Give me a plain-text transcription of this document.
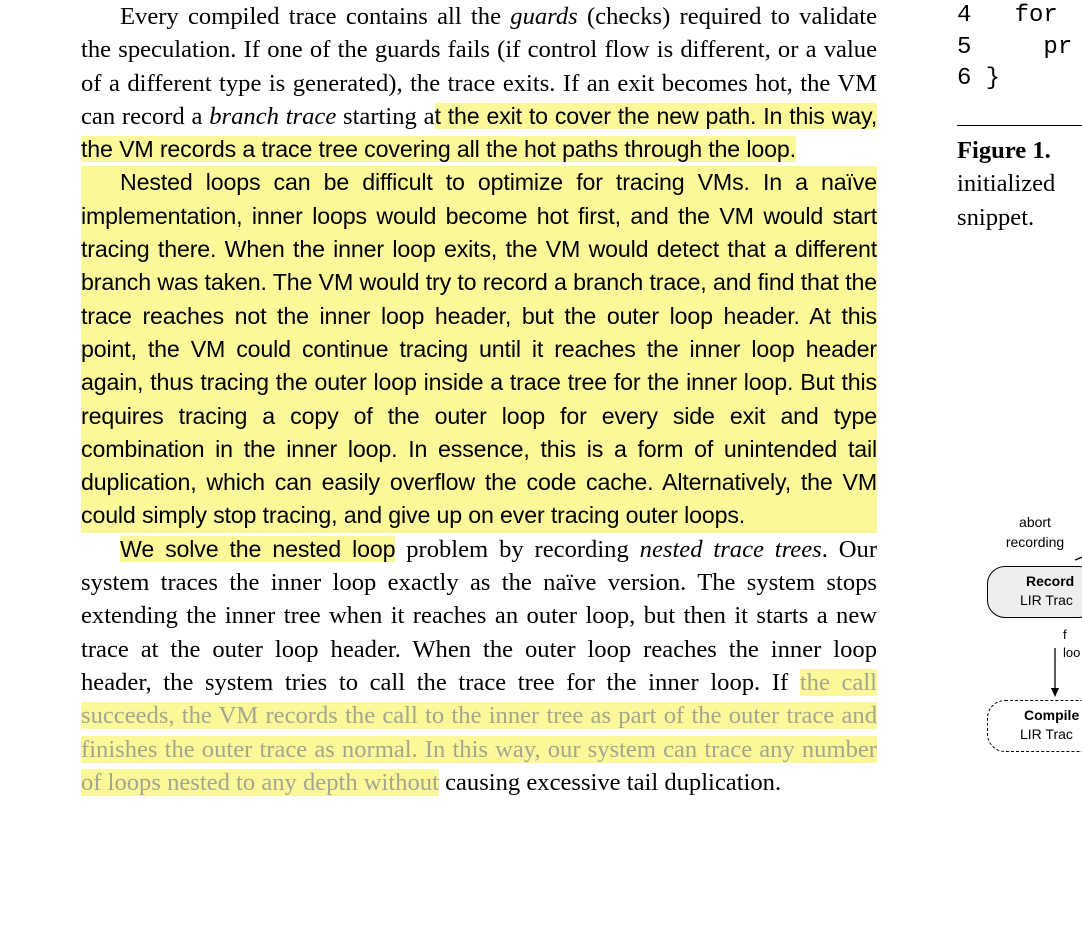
Every compiled trace contains all the guards (checks) required to validate the speculation. If one of the guards fails (if control flow is different, or a value of a different type is generated), the trace exits. If an exit becomes hot, the VM can record a branch trace starting at the exit to cover the new path. In this way, the VM records a trace tree covering all the hot paths through the loop.

Nested loops can be difficult to optimize for tracing VMs. In a naïve implementation, inner loops would become hot first, and the VM would start tracing there. When the inner loop exits, the VM would detect that a different branch was taken. The VM would try to record a branch trace, and find that the trace reaches not the inner loop header, but the outer loop header. At this point, the VM could continue tracing until it reaches the inner loop header again, thus tracing the outer loop inside a trace tree for the inner loop. But this requires tracing a copy of the outer loop for every side exit and type combination in the inner loop. In essence, this is a form of unintended tail duplication, which can easily overflow the code cache. Alternatively, the VM could simply stop tracing, and give up on ever tracing outer loops.

We solve the nested loop problem by recording nested trace trees. Our system traces the inner loop exactly as the naïve version. The system stops extending the inner tree when it reaches an outer loop, but then it starts a new trace at the outer loop header. When the outer loop reaches the inner loop header, the system tries to call the trace tree for the inner loop. If the call succeeds, the VM records the call to the inner tree as part of the outer trace and finishes the outer trace as normal. In this way, our system can trace any number of loops nested to any depth without causing excessive tail duplication.

4   for
5     pr
6 }
Figure 1.
initialized
snippet.
abort
recording
Record
LIR Trac
f
loo
Compile
LIR Trac
